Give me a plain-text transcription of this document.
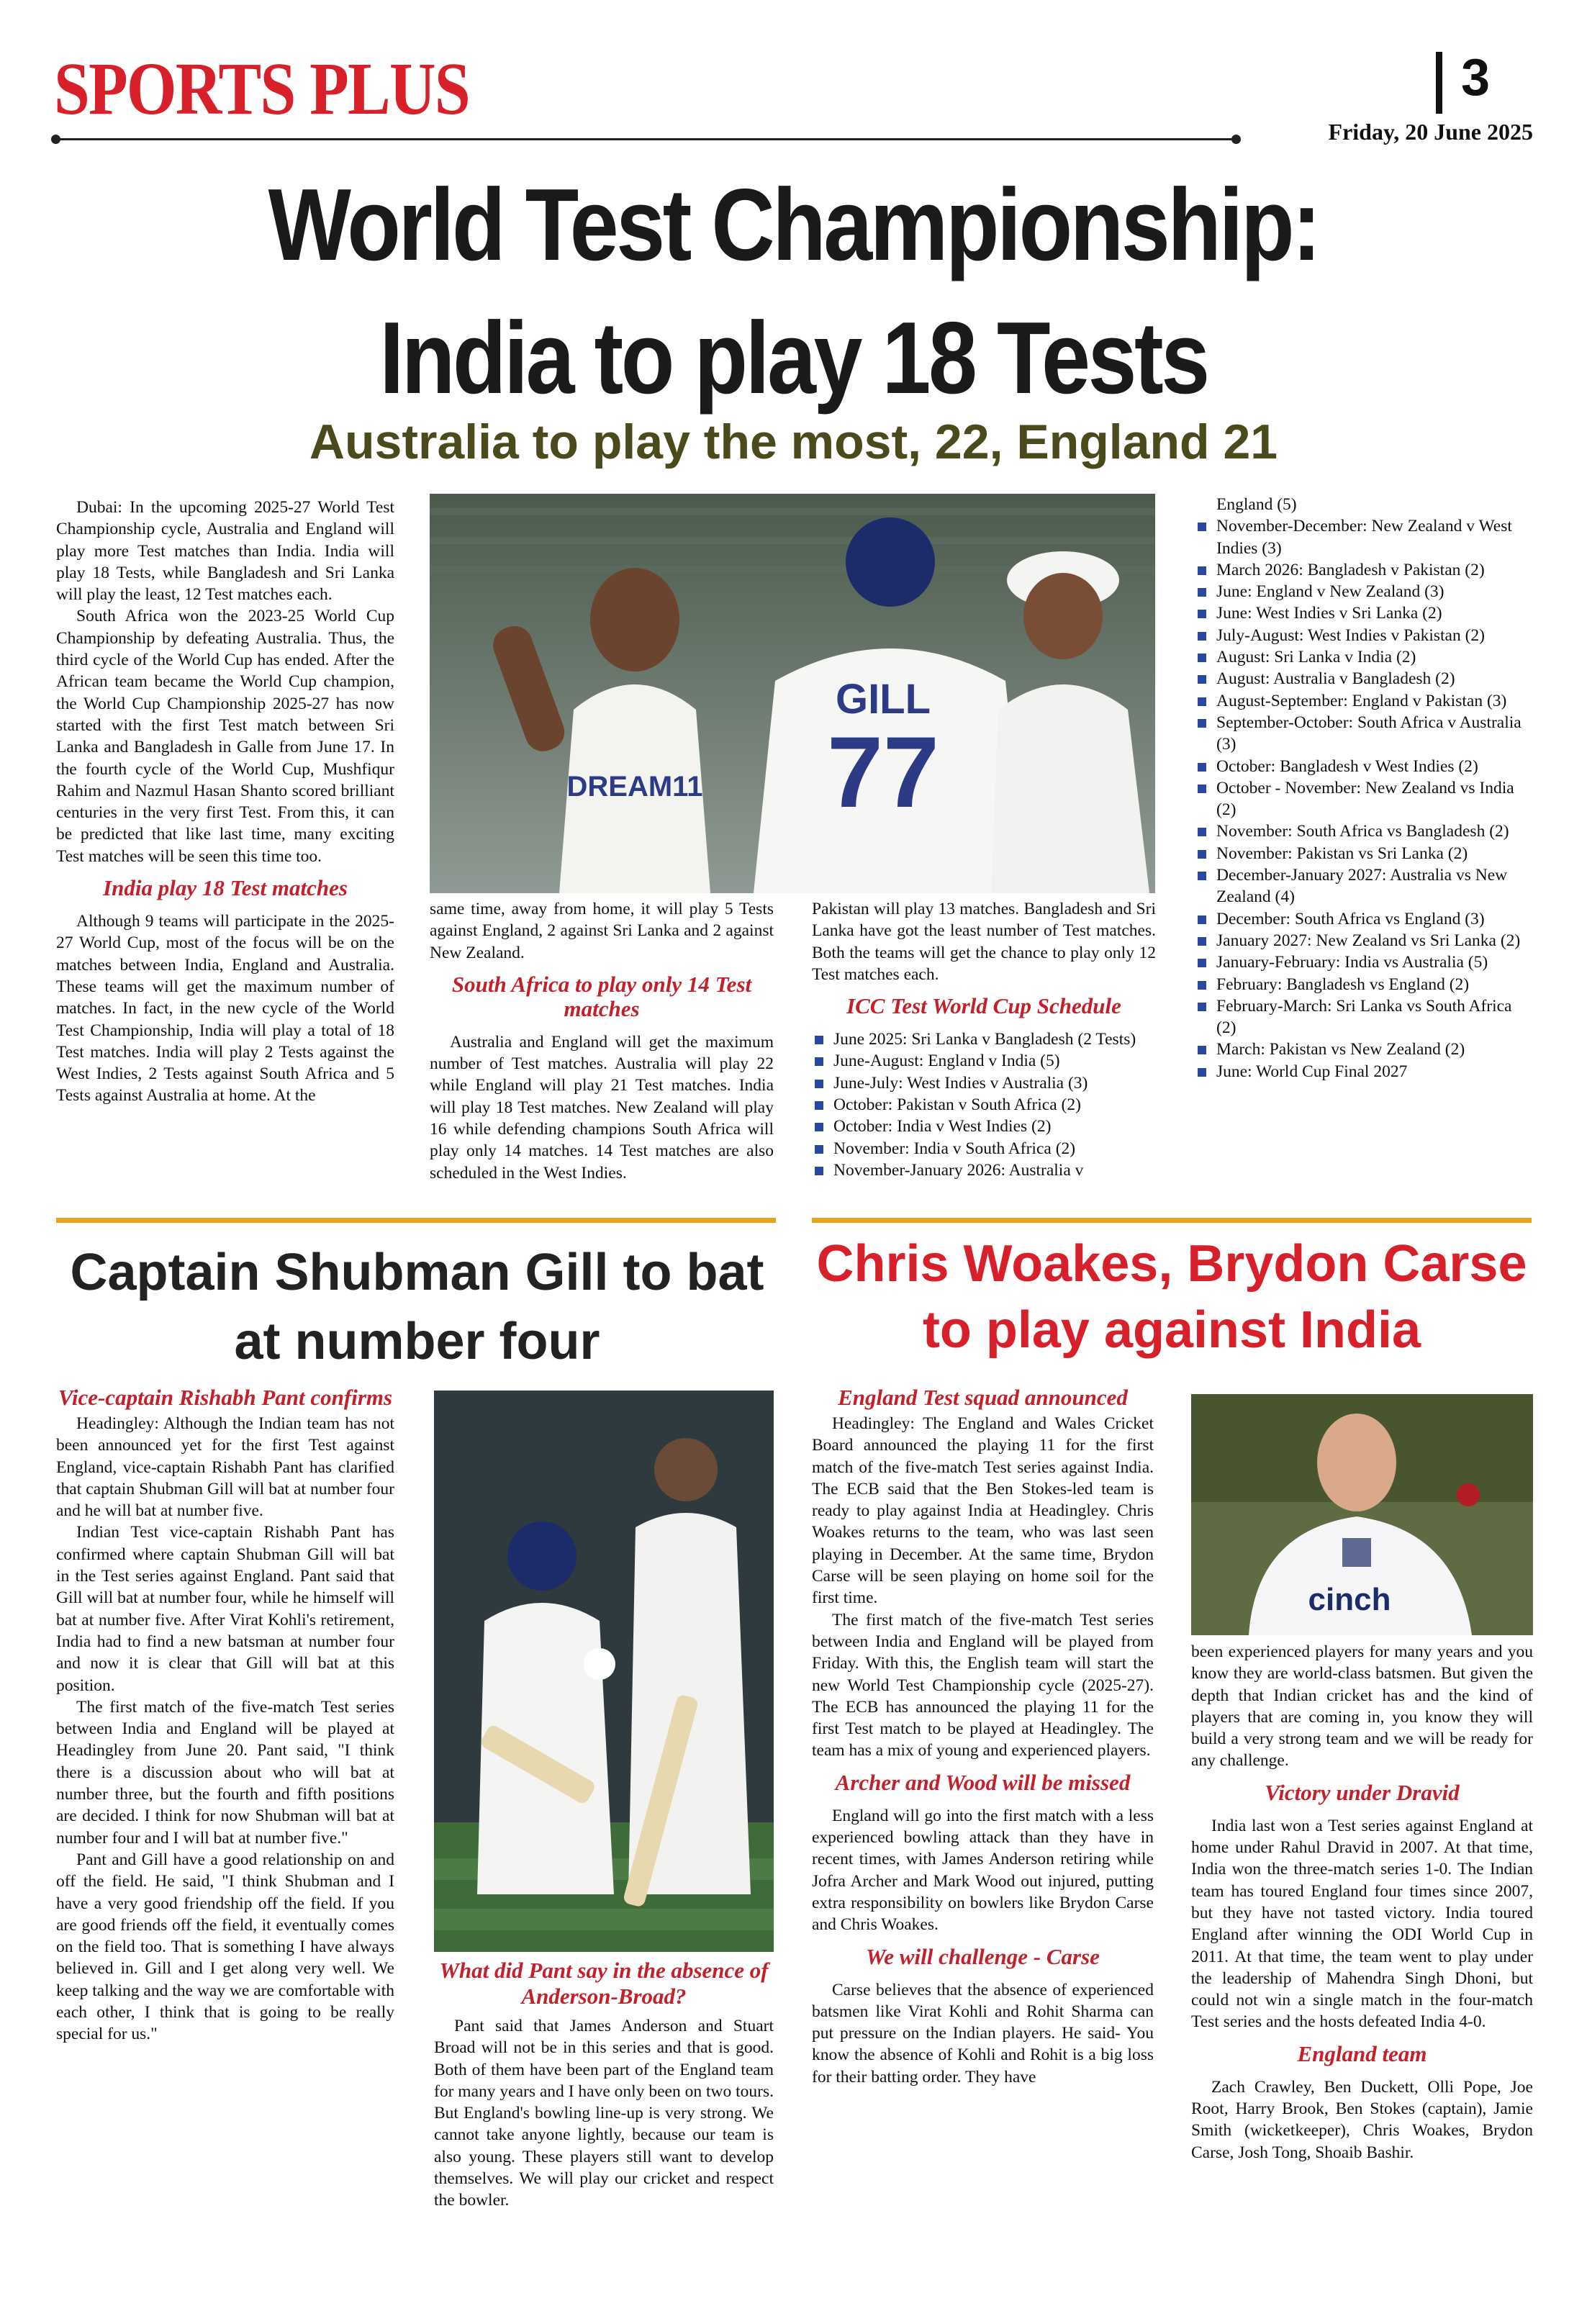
SPORTS PLUS	3
Friday, 20 June 2025
World Test Championship:
India to play 18 Tests
Australia to play the most, 22, England 21

Dubai: In the upcoming 2025-27 World Test Championship cycle, Australia and England will play more Test matches than India. India will play 18 Tests, while Bangladesh and Sri Lanka will play the least, 12 Test matches each.

South Africa won the 2023-25 World Cup Championship by defeating Australia. Thus, the third cycle of the World Cup has ended. After the African team became the World Cup champion, the World Cup Championship 2025-27 has now started with the first Test match between Sri Lanka and Bangladesh in Galle from June 17. In the fourth cycle of the World Cup, Mushfiqur Rahim and Nazmul Hasan Shanto scored brilliant centuries in the very first Test. From this, it can be predicted that like last time, many exciting Test matches will be seen this time too.

India play 18 Test matches

Although 9 teams will participate in the 2025-27 World Cup, most of the focus will be on the matches between India, England and Australia. These teams will get the maximum number of matches. In fact, in the new cycle of the World Test Championship, India will play a total of 18 Test matches. India will play 2 Tests against the West Indies, 2 Tests against South Africa and 5 Tests against Australia at home. At the

GILL
77
DREAM11

same time, away from home, it will play 5 Tests against England, 2 against Sri Lanka and 2 against New Zealand.

South Africa to play only 14 Test matches

Australia and England will get the maximum number of Test matches. Australia will play 22 while England will play 21 Test matches. India will play 18 Test matches. New Zealand will play 16 while defending champions South Africa will play only 14 matches. 14 Test matches are also scheduled in the West Indies.

Pakistan will play 13 matches. Bangladesh and Sri Lanka have got the least number of Test matches. Both the teams will get the chance to play only 12 Test matches each.

ICC Test World Cup Schedule
June 2025: Sri Lanka v Bangladesh (2 Tests)
June-August: England v India (5)
June-July: West Indies v Australia (3)
October: Pakistan v South Africa (2)
October: India v West Indies (2)
November: India v South Africa (2)
November-January 2026: Australia v
England (5)
November-December: New Zealand v West Indies (3)
March 2026: Bangladesh v Pakistan (2)
June: England v New Zealand (3)
June: West Indies v Sri Lanka (2)
July-August: West Indies v Pakistan (2)
August: Sri Lanka v India (2)
August: Australia v Bangladesh (2)
August-September: England v Pakistan (3)
September-October: South Africa v Australia (3)
October: Bangladesh v West Indies (2)
October - November: New Zealand vs India (2)
November: South Africa vs Bangladesh (2)
November: Pakistan vs Sri Lanka (2)
December-January 2027: Australia vs New Zealand (4)
December: South Africa vs England (3)
January 2027: New Zealand vs Sri Lanka (2)
January-February: India vs Australia (5)
February: Bangladesh vs England (2)
February-March: Sri Lanka vs South Africa (2)
March: Pakistan vs New Zealand (2)
June: World Cup Final 2027
Captain Shubman Gill to bat at number four
Vice-captain Rishabh Pant confirms

Headingley: Although the Indian team has not been announced yet for the first Test against England, vice-captain Rishabh Pant has clarified that captain Shubman Gill will bat at number four and he will bat at number five.

Indian Test vice-captain Rishabh Pant has confirmed where captain Shubman Gill will bat in the Test series against England. Pant said that Gill will bat at number four, while he himself will bat at number five. After Virat Kohli's retirement, India had to find a new batsman at number four and now it is clear that Gill will bat at this position.

The first match of the five-match Test series between India and England will be played at Headingley from June 20. Pant said, "I think there is a discussion about who will bat at number three, but the fourth and fifth positions are decided. I think for now Shubman will bat at number four and I will bat at number five."

Pant and Gill have a good relationship on and off the field. He said, "I think Shubman and I have a very good friendship off the field. If you are good friends off the field, it eventually comes on the field too. That is something I have always believed in. Gill and I get along very well. We keep talking and the way we are comfortable with each other, I think that is going to be really special for us."

What did Pant say in the absence of Anderson-Broad?

Pant said that James Anderson and Stuart Broad will not be in this series and that is good. Both of them have been part of the England team for many years and I have only been on two tours. But England's bowling line-up is very strong. We cannot take anyone lightly, because our team is also young. These players still want to develop themselves. We will play our cricket and respect the bowler.

Chris Woakes, Brydon Carse to play against India
England Test squad announced

Headingley: The England and Wales Cricket Board announced the playing 11 for the first match of the five-match Test series against India. The ECB said that the Ben Stokes-led team is ready to play against India at Headingley. Chris Woakes returns to the team, who was last seen playing in December. At the same time, Brydon Carse will be seen playing on home soil for the first time.

The first match of the five-match Test series between India and England will be played from Friday. With this, the English team will start the new World Test Championship cycle (2025-27). The ECB has announced the playing 11 for the first Test match to be played at Headingley. The team has a mix of young and experienced players.

Archer and Wood will be missed

England will go into the first match with a less experienced bowling attack than they have in recent times, with James Anderson retiring while Jofra Archer and Mark Wood out injured, putting extra responsibility on bowlers like Brydon Carse and Chris Woakes.

We will challenge - Carse

Carse believes that the absence of experienced batsmen like Virat Kohli and Rohit Sharma can put pressure on the Indian players. He said- You know the absence of Kohli and Rohit is a big loss for their batting order. They have

cinch

been experienced players for many years and you know they are world-class batsmen. But given the depth that Indian cricket has and the kind of players that are coming in, you know they will build a very strong team and we will be ready for any challenge.

Victory under Dravid

India last won a Test series against England at home under Rahul Dravid in 2007. At that time, India won the three-match series 1-0. The Indian team has toured England four times since 2007, but they have not tasted victory. India toured England after winning the ODI World Cup in 2011. At that time, the team went to play under the leadership of Mahendra Singh Dhoni, but could not win a single match in the four-match Test series and the hosts defeated India 4-0.

England team

Zach Crawley, Ben Duckett, Olli Pope, Joe Root, Harry Brook, Ben Stokes (captain), Jamie Smith (wicketkeeper), Chris Woakes, Brydon Carse, Josh Tong, Shoaib Bashir.
